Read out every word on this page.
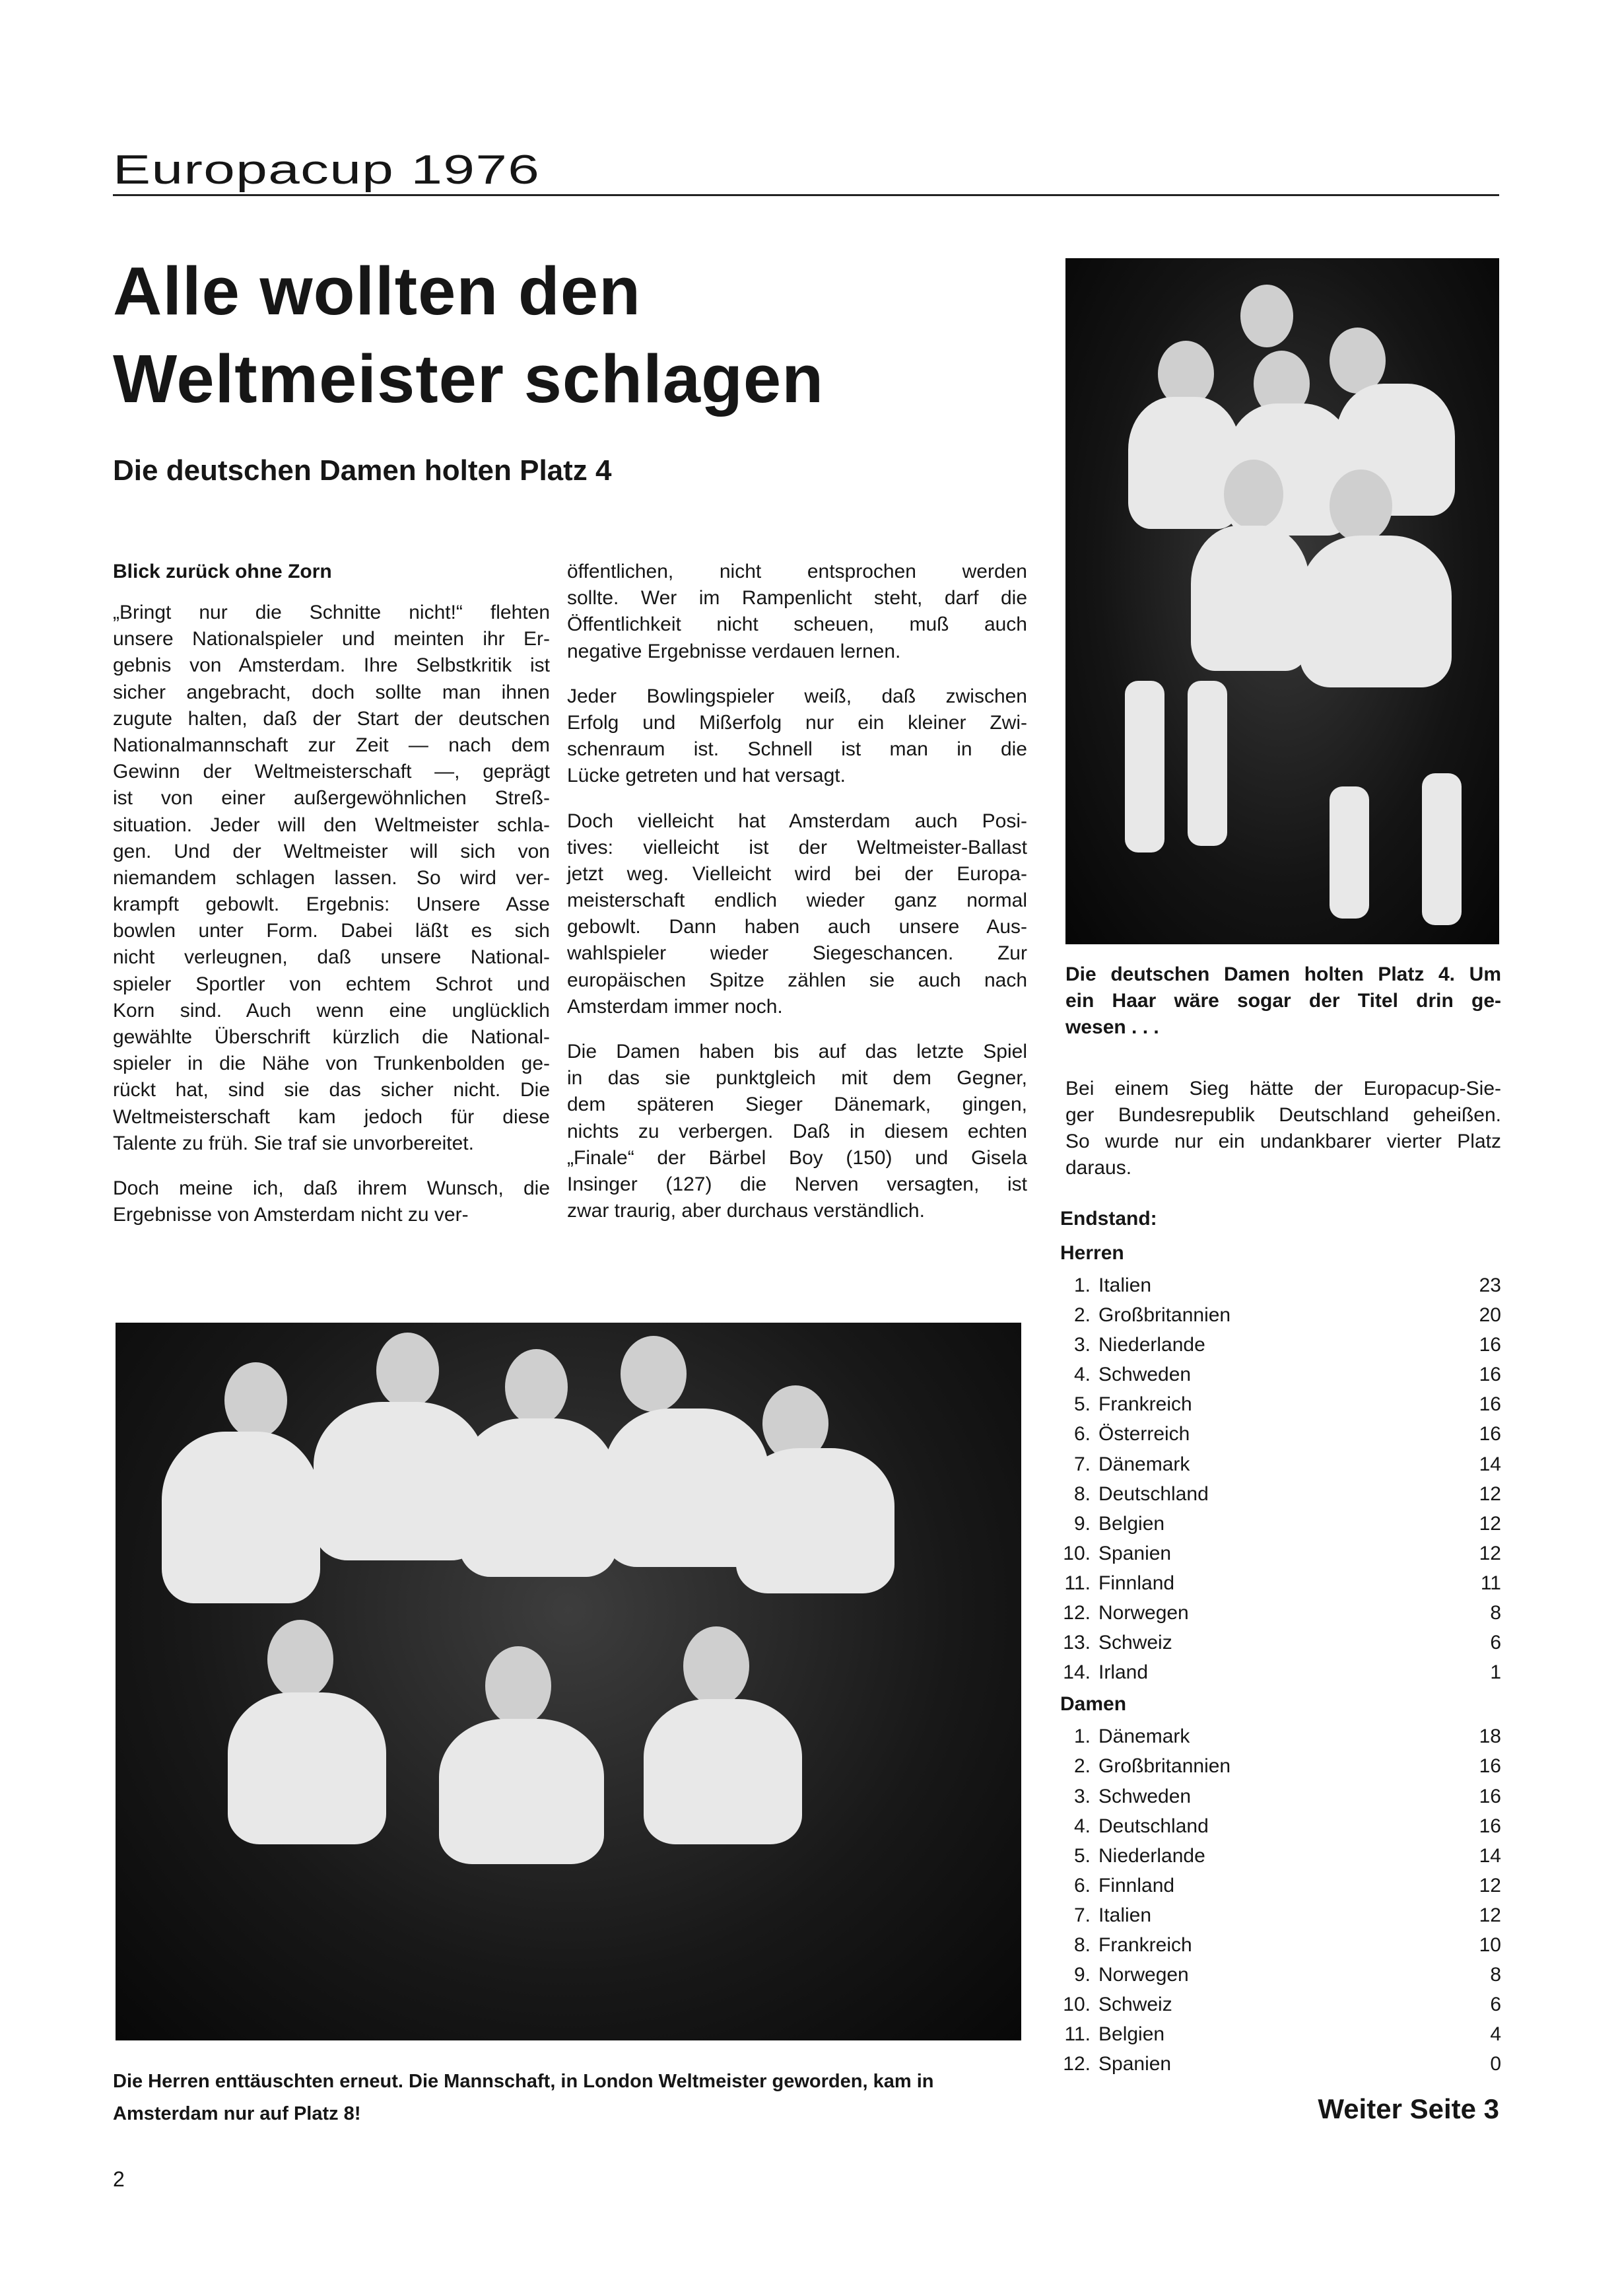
Europacup 1976
Alle wollten den
Weltmeister schlagen
Die deutschen Damen holten Platz 4
Blick zurück ohne Zorn
„Bringt nur die Schnitte nicht!“ flehten
unsere Nationalspieler und meinten ihr Er-
gebnis von Amsterdam. Ihre Selbstkritik ist
sicher angebracht, doch sollte man ihnen
zugute halten, daß der Start der deutschen
Nationalmannschaft zur Zeit — nach dem
Gewinn der Weltmeisterschaft —, geprägt
ist von einer außergewöhnlichen Streß-
situation. Jeder will den Weltmeister schla-
gen. Und der Weltmeister will sich von
niemandem schlagen lassen. So wird ver-
krampft gebowlt. Ergebnis: Unsere Asse
bowlen unter Form. Dabei läßt es sich
nicht verleugnen, daß unsere National-
spieler Sportler von echtem Schrot und
Korn sind. Auch wenn eine unglücklich
gewählte Überschrift kürzlich die National-
spieler in die Nähe von Trunkenbolden ge-
rückt hat, sind sie das sicher nicht. Die
Weltmeisterschaft kam jedoch für diese
Talente zu früh. Sie traf sie unvorbereitet.
Doch meine ich, daß ihrem Wunsch, die
Ergebnisse von Amsterdam nicht zu ver-
öffentlichen, nicht entsprochen werden
sollte. Wer im Rampenlicht steht, darf die
Öffentlichkeit nicht scheuen, muß auch
negative Ergebnisse verdauen lernen.
Jeder Bowlingspieler weiß, daß zwischen
Erfolg und Mißerfolg nur ein kleiner Zwi-
schenraum ist. Schnell ist man in die
Lücke getreten und hat versagt.
Doch vielleicht hat Amsterdam auch Posi-
tives: vielleicht ist der Weltmeister-Ballast
jetzt weg. Vielleicht wird bei der Europa-
meisterschaft endlich wieder ganz normal
gebowlt. Dann haben auch unsere Aus-
wahlspieler wieder Siegeschancen. Zur
europäischen Spitze zählen sie auch nach
Amsterdam immer noch.
Die Damen haben bis auf das letzte Spiel
in das sie punktgleich mit dem Gegner,
dem späteren Sieger Dänemark, gingen,
nichts zu verbergen. Daß in diesem echten
„Finale“ der Bärbel Boy (150) und Gisela
Insinger (127) die Nerven versagten, ist
zwar traurig, aber durchaus verständlich.
Die deutschen Damen holten Platz 4. Um
ein Haar wäre sogar der Titel drin ge-
wesen . . .
Bei einem Sieg hätte der Europacup-Sie-
ger Bundesrepublik Deutschland geheißen.
So wurde nur ein undankbarer vierter Platz
daraus.
Endstand:
Herren
1. Italien	23
2. Großbritannien	20
3. Niederlande	16
4. Schweden	16
5. Frankreich	16
6. Österreich	16
7. Dänemark	14
8. Deutschland	12
9. Belgien	12
10. Spanien	12
11. Finnland	11
12. Norwegen	8
13. Schweiz	6
14. Irland	1
Damen
1. Dänemark	18
2. Großbritannien	16
3. Schweden	16
4. Deutschland	16
5. Niederlande	14
6. Finnland	12
7. Italien	12
8. Frankreich	10
9. Norwegen	8
10. Schweiz	6
11. Belgien	4
12. Spanien	0
Die Herren enttäuschten erneut. Die Mannschaft, in London Weltmeister geworden, kam in Amsterdam nur auf Platz 8!	Weiter Seite 3
2
